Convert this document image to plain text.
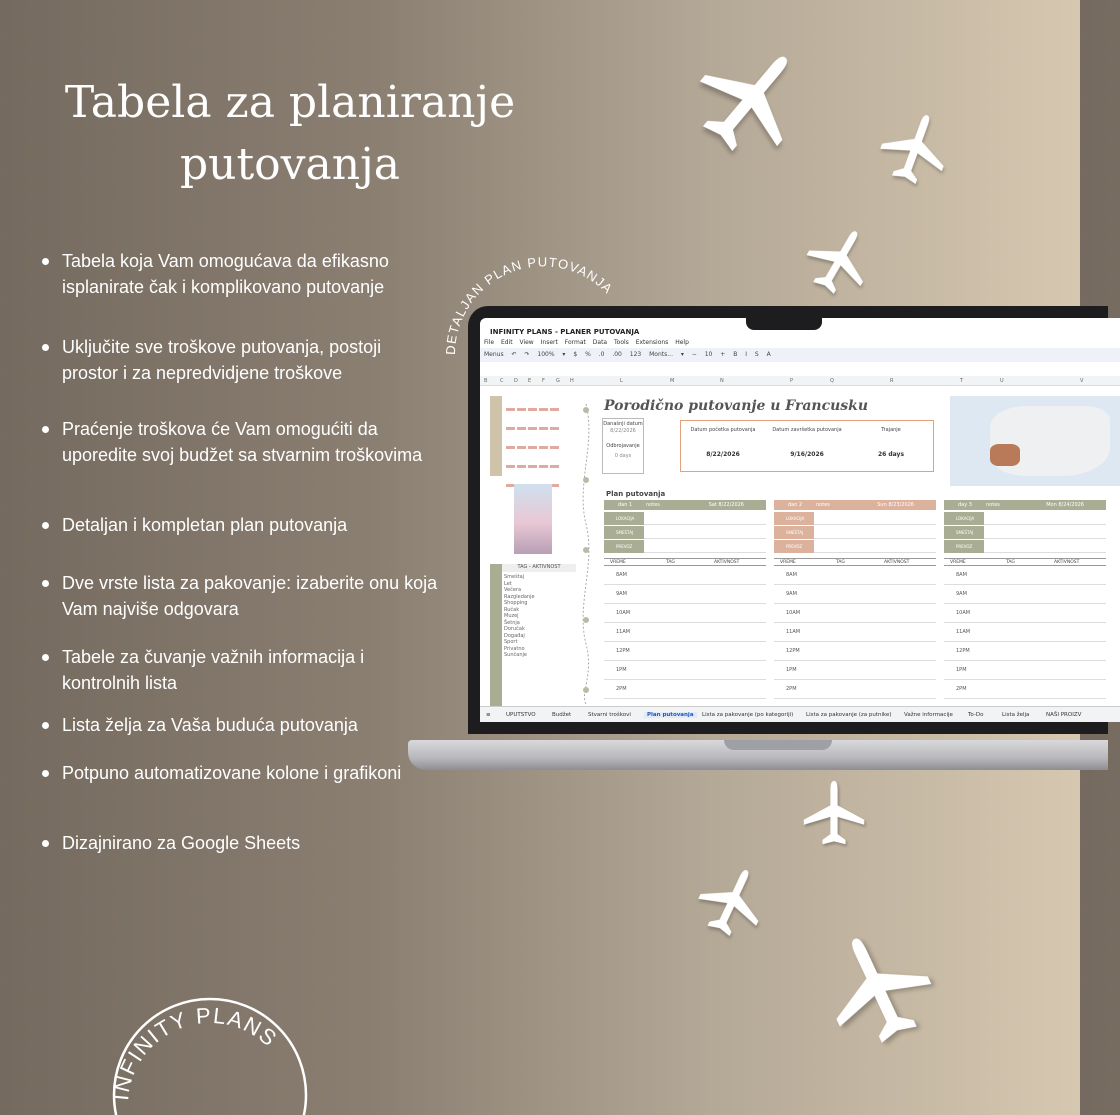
Tabela za planiranje
putovanja
Tabela koja Vam omogućava da efikasno isplanirate čak i komplikovano putovanje
Uključite sve troškove putovanja, postoji prostor i za nepredvidjene troškove
Praćenje troškova će Vam omogućiti da uporedite svoj budžet sa stvarnim troškovima
Detaljan i kompletan plan putovanja
Dve vrste lista za pakovanje: izaberite onu koja Vam najviše odgovara
Tabele za čuvanje važnih informacija i kontrolnih lista
Lista želja za Vaša buduća putovanja
Potpuno automatizovane kolone i grafikoni
Dizajnirano za Google Sheets
DETALJAN PLAN PUTOVANJA
INFINITY PLANS - PLANER PUTOVANJA
File Edit View Insert Format Data Tools Extensions Help
Menus ↶ ↷ 100% ▾ $ % .0 .00 123 Monts... ▾ − 10 + B I S A
B	C D E F G H	L	M	N	P	Q	R	T	U	V

TAG - AKTIVNOST
Smeštaj
Let
Večera
Razgledanje
Shopping
Ručak
Muzej
Šetnja
Doručak
Događaj
Sport
Privatno
Sunčanje
Porodično putovanje u Francusku
Današnji datum
8/22/2026
Odbrojavanje
0 days
Datum početka putovanja	Datum završetka putovanja	Trajanje
8/22/2026	9/16/2026	26 days
Plan putovanja
dan 1	notes	Sat 8/22/2026
LOKACIJA
SMEŠTAJ
PREVOZ
VREME	TAG	AKTIVNOST
8AM
9AM
10AM
11AM
12PM
1PM
2PM
dan 2	notes	Sun 8/23/2026
LOKACIJA
SMEŠTAJ
PREVOZ
VREME	TAG	AKTIVNOST
8AM
9AM
10AM
11AM
12PM
1PM
2PM
day 3	notes	Mon 8/24/2026
LOKACIJA
SMEŠTAJ
PREVOZ
VREME	TAG	AKTIVNOST
8AM
9AM
10AM
11AM
12PM
1PM
2PM
≡	UPUTSTVO	Budžet	Stvarni troškovi	Plan putovanja	Lista za pakovanje (po kategoriji) Lista za pakovanje (za putnike) Važne informacije	To-Do	Lista želja	NAŠI PROIZV
INFINITY PLANS
